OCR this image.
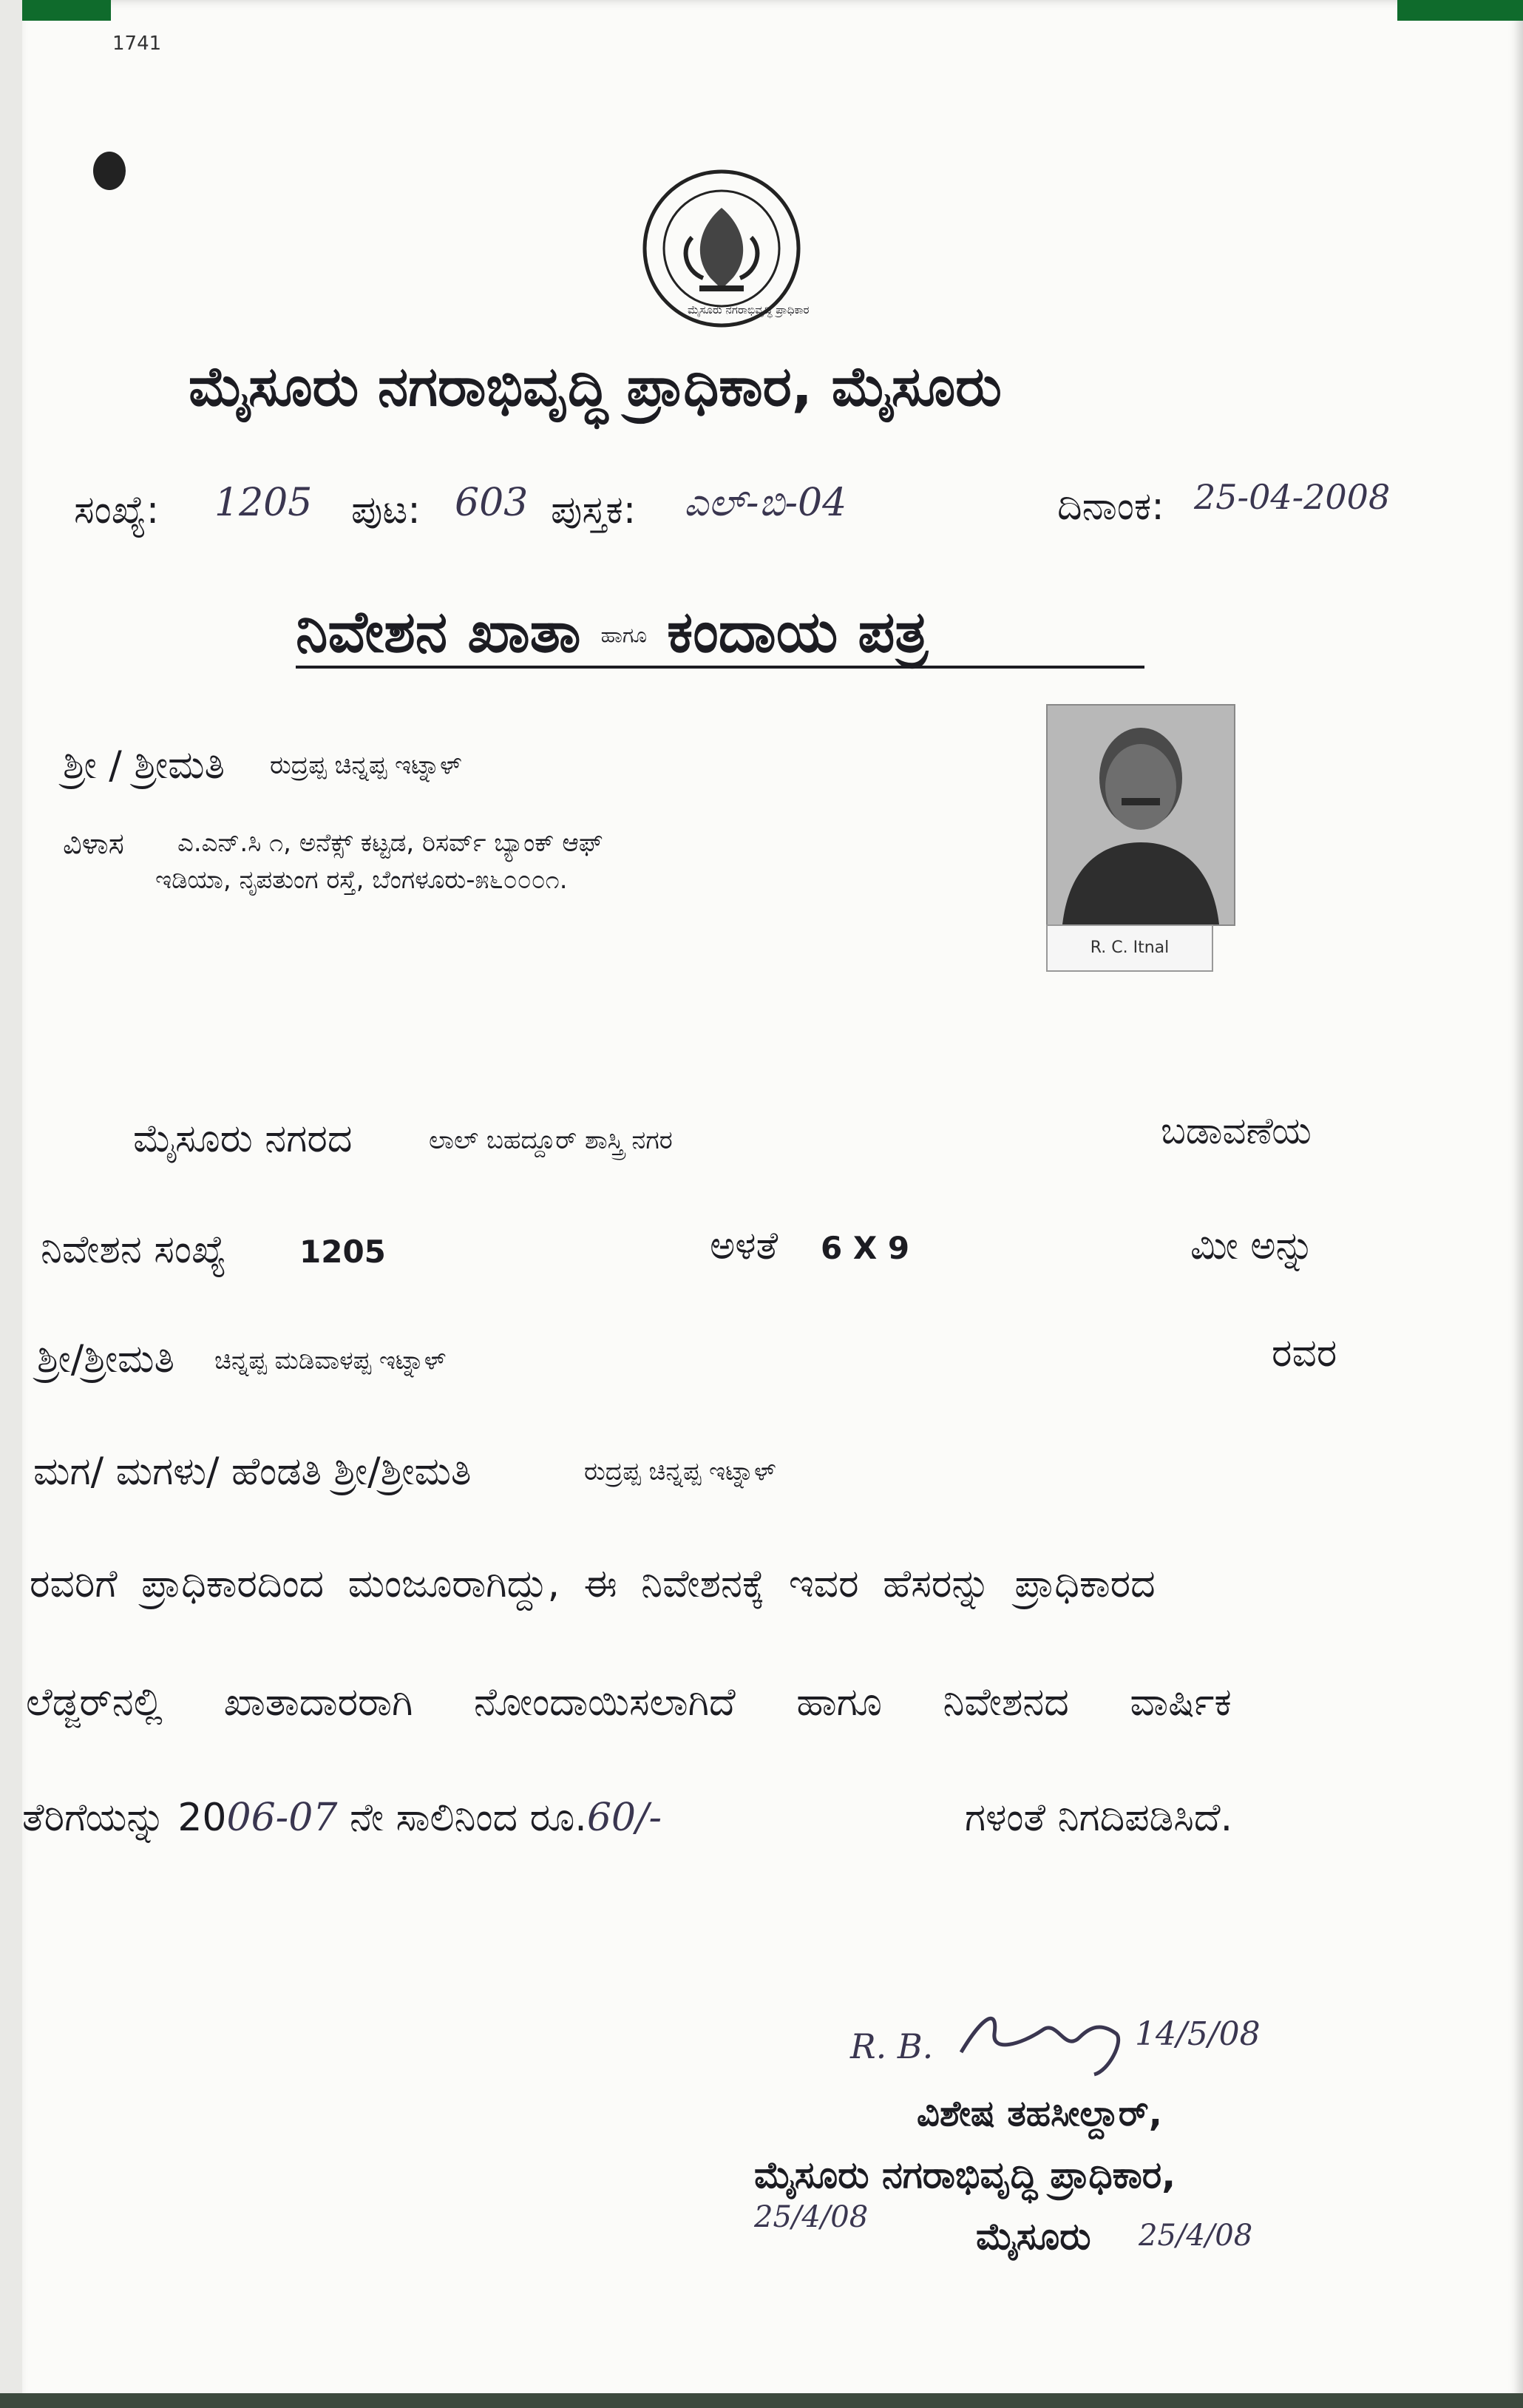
1741
ಮೈಸೂರು ನಗರಾಭಿವೃದ್ಧಿ ಪ್ರಾಧಿಕಾರ
ಮೈಸೂರು ನಗರಾಭಿವೃದ್ಧಿ ಪ್ರಾಧಿಕಾರ, ಮೈಸೂರು
ಸಂಖ್ಯೆ: 1205 ಪುಟ: 603 ಪುಸ್ತಕ: ಎಲ್-ಬಿ-04	ದಿನಾಂಕ: 25-04-2008
ನಿವೇಶನ ಖಾತಾ ಹಾಗೂ ಕಂದಾಯ ಪತ್ರ
ಶ್ರೀ / ಶ್ರೀಮತಿ ರುದ್ರಪ್ಪ ಚಿನ್ನಪ್ಪ ಇಟ್ನಾಳ್
ವಿಳಾಸ ಎ.ಎನ್.ಸಿ ೧, ಅನೆಕ್ಸ್ ಕಟ್ಟಡ, ರಿಸರ್ವ್ ಬ್ಯಾಂಕ್ ಆಫ್
ಇಡಿಯಾ, ನೃಪತುಂಗ ರಸ್ತೆ, ಬೆಂಗಳೂರು-೫೬೦೦೦೧.
R. C. Itnal
ಮೈಸೂರು ನಗರದ	ಲಾಲ್ ಬಹದ್ದೂರ್ ಶಾಸ್ತ್ರಿ ನಗರ	ಬಡಾವಣೆಯ
ನಿವೇಶನ ಸಂಖ್ಯೆ 1205	ಅಳತೆ 6 X 9	ಮೀ ಅನ್ನು
ಶ್ರೀ/ಶ್ರೀಮತಿ ಚಿನ್ನಪ್ಪ ಮಡಿವಾಳಪ್ಪ ಇಟ್ನಾಳ್	ರವರ
ಮಗ/ ಮಗಳು/ ಹೆಂಡತಿ ಶ್ರೀ/ಶ್ರೀಮತಿ	ರುದ್ರಪ್ಪ ಚಿನ್ನಪ್ಪ ಇಟ್ನಾಳ್
ರವರಿಗೆ ಪ್ರಾಧಿಕಾರದಿಂದ ಮಂಜೂರಾಗಿದ್ದು, ಈ ನಿವೇಶನಕ್ಕೆ ಇವರ ಹೆಸರನ್ನು ಪ್ರಾಧಿಕಾರದ
ಲೆಡ್ಜರ್‌ನಲ್ಲಿ ಖಾತಾದಾರರಾಗಿ ನೋಂದಾಯಿಸಲಾಗಿದೆ ಹಾಗೂ ನಿವೇಶನದ ವಾರ್ಷಿಕ
ತೆರಿಗೆಯನ್ನು 2006-07 ನೇ ಸಾಲಿನಿಂದ ರೂ.60/-	ಗಳಂತೆ ನಿಗದಿಪಡಿಸಿದೆ.
R. B.	14/5/08
ವಿಶೇಷ ತಹಸೀಲ್ದಾರ್,
ಮೈಸೂರು ನಗರಾಭಿವೃದ್ಧಿ ಪ್ರಾಧಿಕಾರ,
25/4/08	ಮೈಸೂರು 25/4/08
